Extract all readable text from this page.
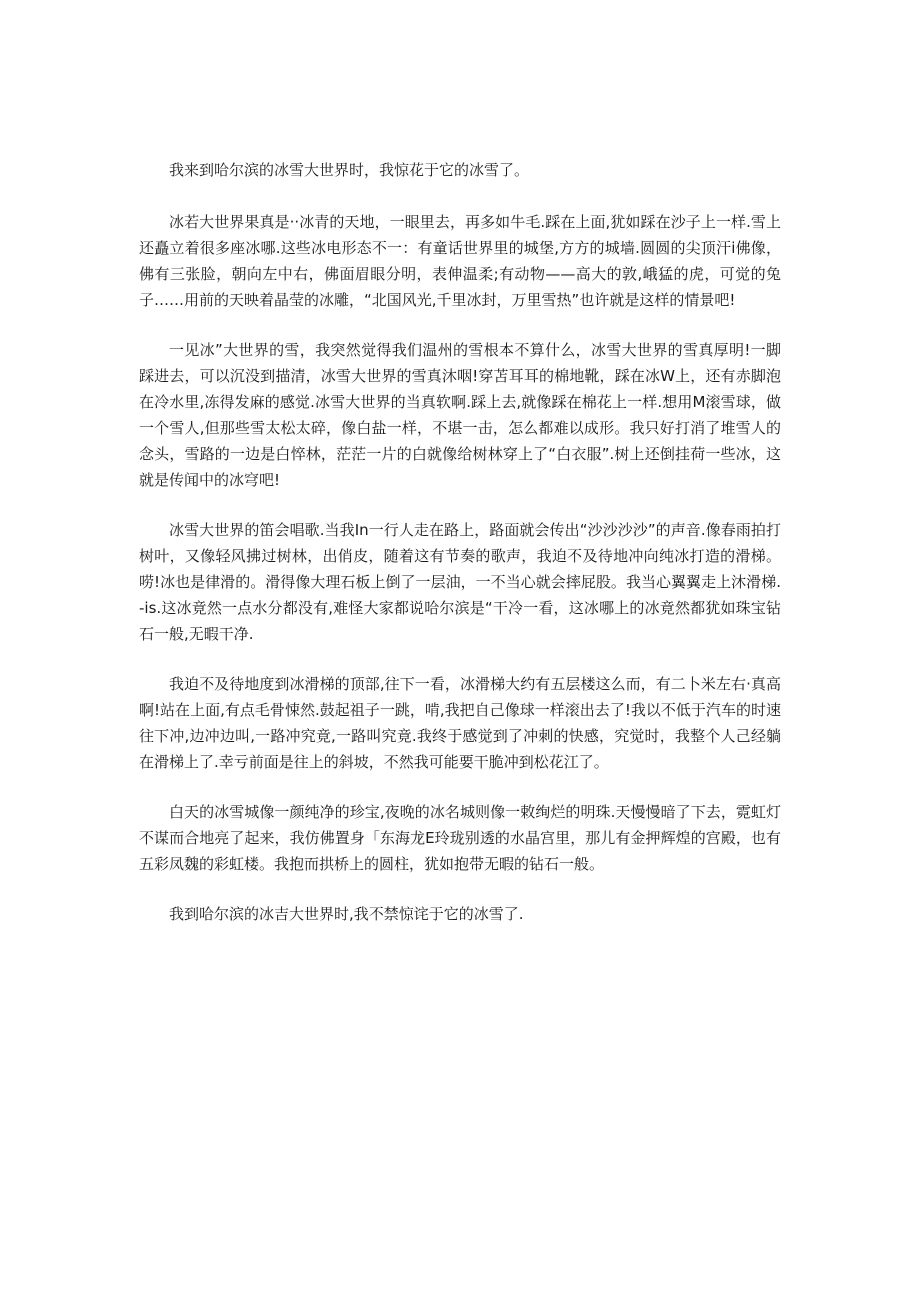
我来到哈尔滨的冰雪大世界时，我惊花于它的冰雪了。

冰若大世界果真是··冰青的天地，一眼里去，再多如牛毛.踩在上面,犹如踩在沙子上一样.雪上还矗立着很多座冰哪.这些冰电形态不一：有童话世界里的城堡,方方的城墙.圆圆的尖顶汗ⅰ佛像，佛有三张脸，朝向左中右，佛面眉眼分明，表伸温柔;有动物——高大的敦,峨猛的虎，可觉的兔子……用前的天映着晶莹的冰雕，“北国风光,千里冰封，万里雪热”也许就是这样的情景吧!

一见冰”大世界的雪，我突然觉得我们温州的雪根本不算什么，冰雪大世界的雪真厚明!一脚踩进去，可以沉没到描清，冰雪大世界的雪真沐咽!穿苫耳耳的棉地靴，踩在冰W上，还有赤脚泡在冷水里,冻得发麻的感觉.冰雪大世界的当真软啊.踩上去,就像踩在棉花上一样.想用M滚雪球，做一个雪人,但那些雪太松太碎，像白盐一样，不堪一击，怎么都难以成形。我只好打消了堆雪人的念头，雪路的一边是白悴林，茫茫一片的白就像给树林穿上了“白衣服”.树上还倒挂荷一些冰，这就是传闻中的冰穹吧!

冰雪大世界的笛会唱歌.当我In一行人走在路上，路面就会传出“沙沙沙沙”的声音.像春雨拍打树叶，又像轻风拂过树林，出俏皮，随着这有节奏的歌声，我迫不及待地冲向纯冰打造的滑梯。唠!冰也是律滑的。滑得像大理石板上倒了一层油，一不当心就会摔屁股。我当心翼翼走上沐滑梯.-is.这冰竟然一点水分都没有,难怪大家都说哈尔滨是“干冷一看，这冰哪上的冰竟然都犹如珠宝钻石一般,无暇干净.

我迫不及待地度到冰滑梯的顶部,往下一看，冰滑梯大约有五层楼这么而，有二卜米左右·真高啊!站在上面,有点毛骨悚然.鼓起祖子一跳，啃,我把自己像球一样滚出去了!我以不低于汽车的时速往下冲,边冲边叫,一路冲究竟,一路叫究竟.我终于感觉到了冲刺的快感，究觉时，我整个人己经躺在滑梯上了.幸亏前面是往上的斜坡，不然我可能要干脆冲到松花江了。

白天的冰雪城像一颜纯净的珍宝,夜晚的冰名城则像一敕绚烂的明珠.天慢慢暗了下去，霓虹灯不谋而合地亮了起来，我仿佛置身「东海龙E玲珑别透的水晶宫里，那儿有金押辉煌的宫殿，也有五彩凤魏的彩虹楼。我抱而拱桥上的圆柱，犹如抱带无暇的钻石一般。

我到哈尔滨的冰吉大世界时,我不禁惊诧于它的冰雪了.
